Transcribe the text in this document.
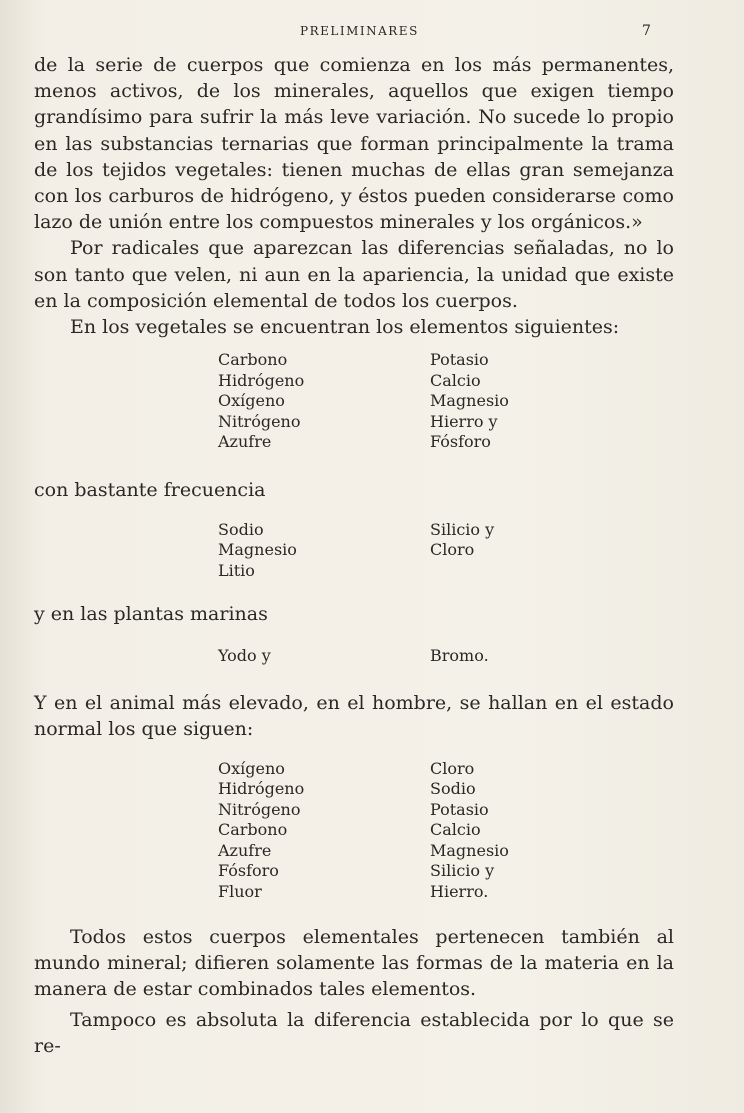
PRELIMINARES	7

de la serie de cuerpos que comienza en los más permanentes, menos activos, de los minerales, aquellos que exigen tiempo grandísimo para sufrir la más leve variación. No sucede lo propio en las substancias ternarias que forman principalmente la trama de los tejidos vegetales: tienen muchas de ellas gran semejanza con los carburos de hidrógeno, y éstos pueden considerarse como lazo de unión entre los compuestos minerales y los orgánicos.»

Por radicales que aparezcan las diferencias señaladas, no lo son tanto que velen, ni aun en la apariencia, la unidad que existe en la composición elemental de todos los cuerpos.

En los vegetales se encuentran los elementos siguientes:

Carbono
Hidrógeno
Oxígeno
Nitrógeno
Azufre
Potasio
Calcio
Magnesio
Hierro y
Fósforo

con bastante frecuencia

Sodio
Magnesio
Litio
Silicio y
Cloro

y en las plantas marinas

Yodo y	Bromo.

Y en el animal más elevado, en el hombre, se hallan en el estado normal los que siguen:

Oxígeno
Hidrógeno
Nitrógeno
Carbono
Azufre
Fósforo
Fluor
Cloro
Sodio
Potasio
Calcio
Magnesio
Silicio y
Hierro.

Todos estos cuerpos elementales pertenecen también al mundo mineral; difieren solamente las formas de la materia en la manera de estar combinados tales elementos.

Tampoco es absoluta la diferencia establecida por lo que se re-
